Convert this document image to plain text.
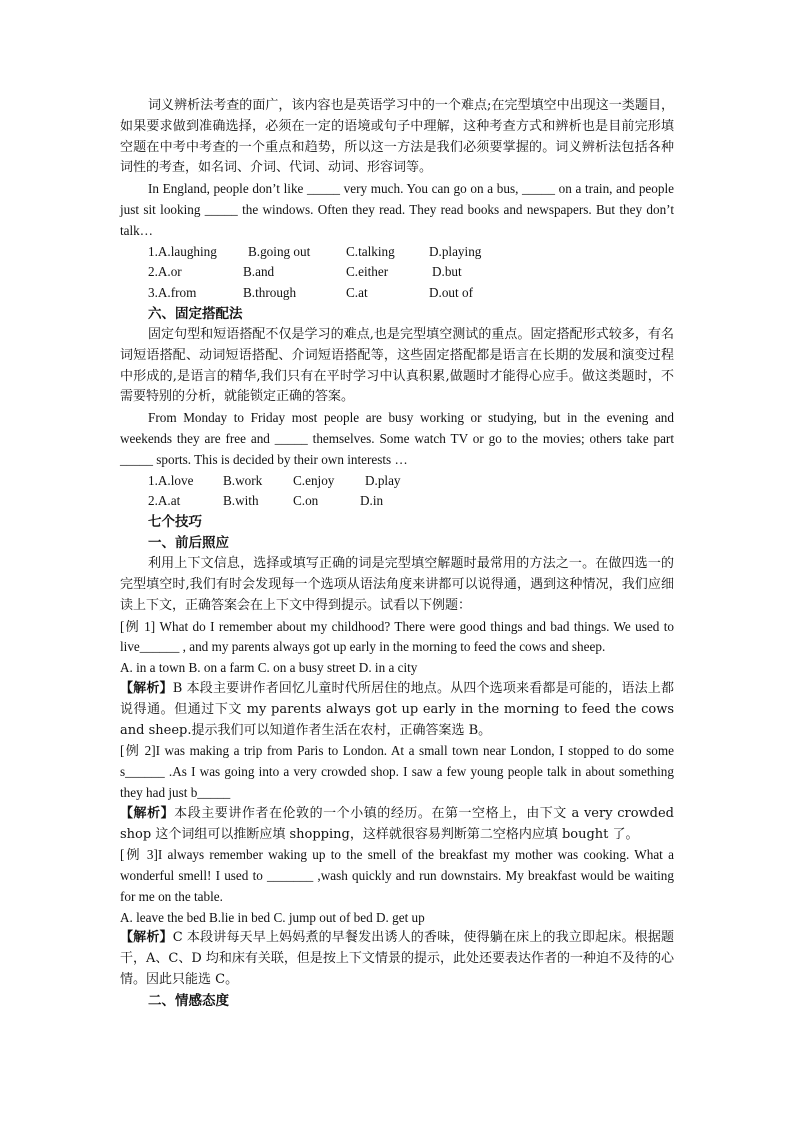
词义辨析法考查的面广，该内容也是英语学习中的一个难点;在完型填空中出现这一类题目，如果要求做到准确选择，必须在一定的语境或句子中理解，这种考查方式和辨析也是目前完形填空题在中考中考查的一个重点和趋势，所以这一方法是我们必须要掌握的。词义辨析法包括各种词性的考查，如名词、介词、代词、动词、形容词等。

In England, people don’t like _____ very much. You can go on a bus, _____ on a train, and people just sit looking _____ the windows. Often they read. They read books and newspapers. But they don’t talk…

1.A.laughing	B.going out	C.talking	D.playing
2.A.or	B.and	C.either	D.but
3.A.from	B.through	C.at	D.out of

六、固定搭配法

固定句型和短语搭配不仅是学习的难点,也是完型填空测试的重点。固定搭配形式较多，有名词短语搭配、动词短语搭配、介词短语搭配等，这些固定搭配都是语言在长期的发展和演变过程中形成的,是语言的精华,我们只有在平时学习中认真积累,做题时才能得心应手。做这类题时，不需要特别的分析，就能锁定正确的答案。

From Monday to Friday most people are busy working or studying, but in the evening and weekends they are free and _____ themselves. Some watch TV or go to the movies; others take part _____ sports. This is decided by their own interests …

1.A.love	B.work	C.enjoy	D.play
2.A.at	B.with	C.on	D.in

七个技巧

一、前后照应

利用上下文信息，选择或填写正确的词是完型填空解题时最常用的方法之一。在做四选一的完型填空时,我们有时会发现每一个选项从语法角度来讲都可以说得通，遇到这种情况，我们应细读上下文，正确答案会在上下文中得到提示。试看以下例题：

[例 1] What do I remember about my childhood? There were good things and bad things. We used to live______ , and my parents always got up early in the morning to feed the cows and sheep.

A. in a town B. on a farm C. on a busy street D. in a city

【解析】B 本段主要讲作者回忆儿童时代所居住的地点。从四个选项来看都是可能的，语法上都说得通。但通过下文 my parents always got up early in the morning to feed the cows and sheep.提示我们可以知道作者生活在农村，正确答案选 B。

[例 2]I was making a trip from Paris to London. At a small town near London, I stopped to do some s______ .As I was going into a very crowded shop. I saw a few young people talk in about something they had just b_____

【解析】本段主要讲作者在伦敦的一个小镇的经历。在第一空格上，由下文 a very crowded shop 这个词组可以推断应填 shopping，这样就很容易判断第二空格内应填 bought 了。

[例 3]I always remember waking up to the smell of the breakfast my mother was cooking. What a wonderful smell! I used to _______ ,wash quickly and run downstairs. My breakfast would be waiting for me on the table.

A. leave the bed B.lie in bed C. jump out of bed D. get up

【解析】C 本段讲每天早上妈妈煮的早餐发出诱人的香味，使得躺在床上的我立即起床。根据题干，A、C、D 均和床有关联，但是按上下文情景的提示，此处还要表达作者的一种迫不及待的心情。因此只能选 C。

二、情感态度
